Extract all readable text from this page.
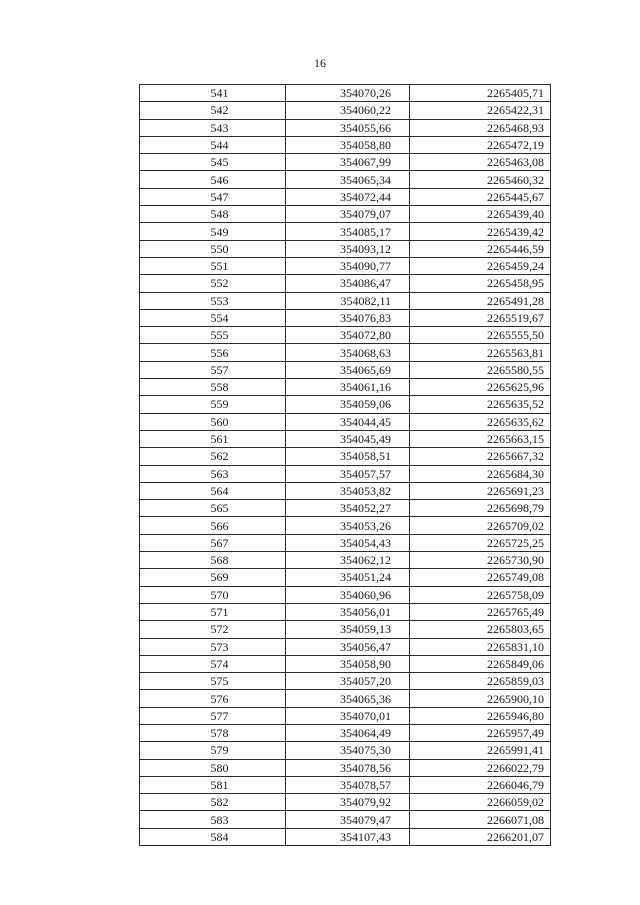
16
541	354070,26	2265405,71
542	354060,22	2265422,31
543	354055,66	2265468,93
544	354058,80	2265472,19
545	354067,99	2265463,08
546	354065,34	2265460,32
547	354072,44	2265445,67
548	354079,07	2265439,40
549	354085,17	2265439,42
550	354093,12	2265446,59
551	354090,77	2265459,24
552	354086,47	2265458,95
553	354082,11	2265491,28
554	354076,83	2265519,67
555	354072,80	2265555,50
556	354068,63	2265563,81
557	354065,69	2265580,55
558	354061,16	2265625,96
559	354059,06	2265635,52
560	354044,45	2265635,62
561	354045,49	2265663,15
562	354058,51	2265667,32
563	354057,57	2265684,30
564	354053,82	2265691,23
565	354052,27	2265698,79
566	354053,26	2265709,02
567	354054,43	2265725,25
568	354062,12	2265730,90
569	354051,24	2265749,08
570	354060,96	2265758,09
571	354056,01	2265765,49
572	354059,13	2265803,65
573	354056,47	2265831,10
574	354058,90	2265849,06
575	354057,20	2265859,03
576	354065,36	2265900,10
577	354070,01	2265946,80
578	354064,49	2265957,49
579	354075,30	2265991,41
580	354078,56	2266022,79
581	354078,57	2266046,79
582	354079,92	2266059,02
583	354079,47	2266071,08
584	354107,43	2266201,07
